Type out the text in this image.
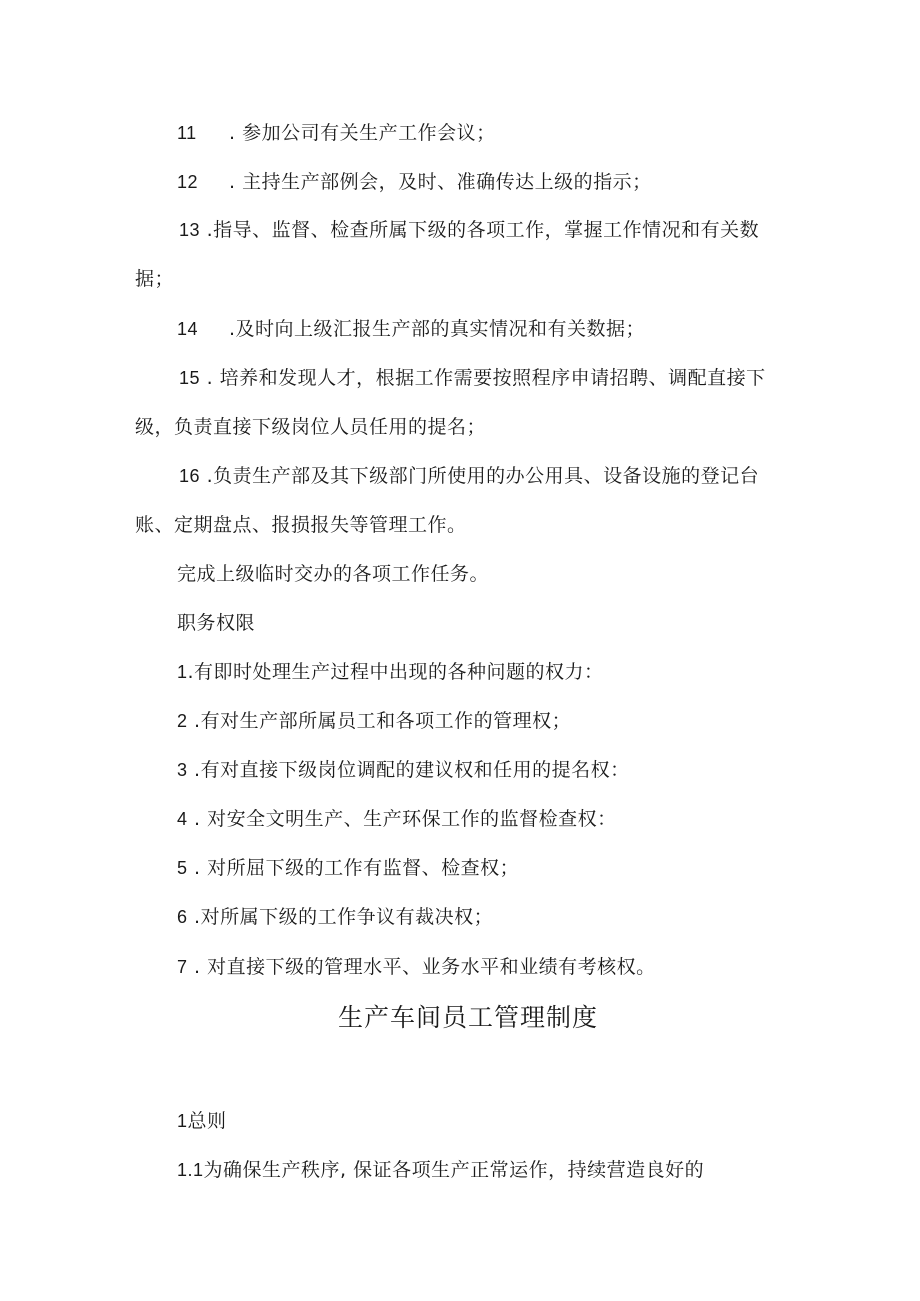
11 . 参加公司有关生产工作会议；
12 . 主持生产部例会，及时、准确传达上级的指示；
13 .指导、监督、检查所属下级的各项工作，掌握工作情况和有关数
据；
14 .及时向上级汇报生产部的真实情况和有关数据；
15 . 培养和发现人才，根据工作需要按照程序申请招聘、调配直接下
级，负责直接下级岗位人员任用的提名；
16 .负责生产部及其下级部门所使用的办公用具、设备设施的登记台
账、定期盘点、报损报失等管理工作。
完成上级临时交办的各项工作任务。
职务权限
1.有即时处理生产过程中出现的各种问题的权力：
2 .有对生产部所属员工和各项工作的管理权；
3 .有对直接下级岗位调配的建议权和任用的提名权：
4 . 对安全文明生产、生产环保工作的监督检查权：
5 . 对所屈下级的工作有监督、检查权；
6 .对所属下级的工作争议有裁决权；
7 . 对直接下级的管理水平、业务水平和业绩有考核权。
生产车间员工管理制度
1总则
1.1为确保生产秩序, 保证各项生产正常运作，持续营造良好的
